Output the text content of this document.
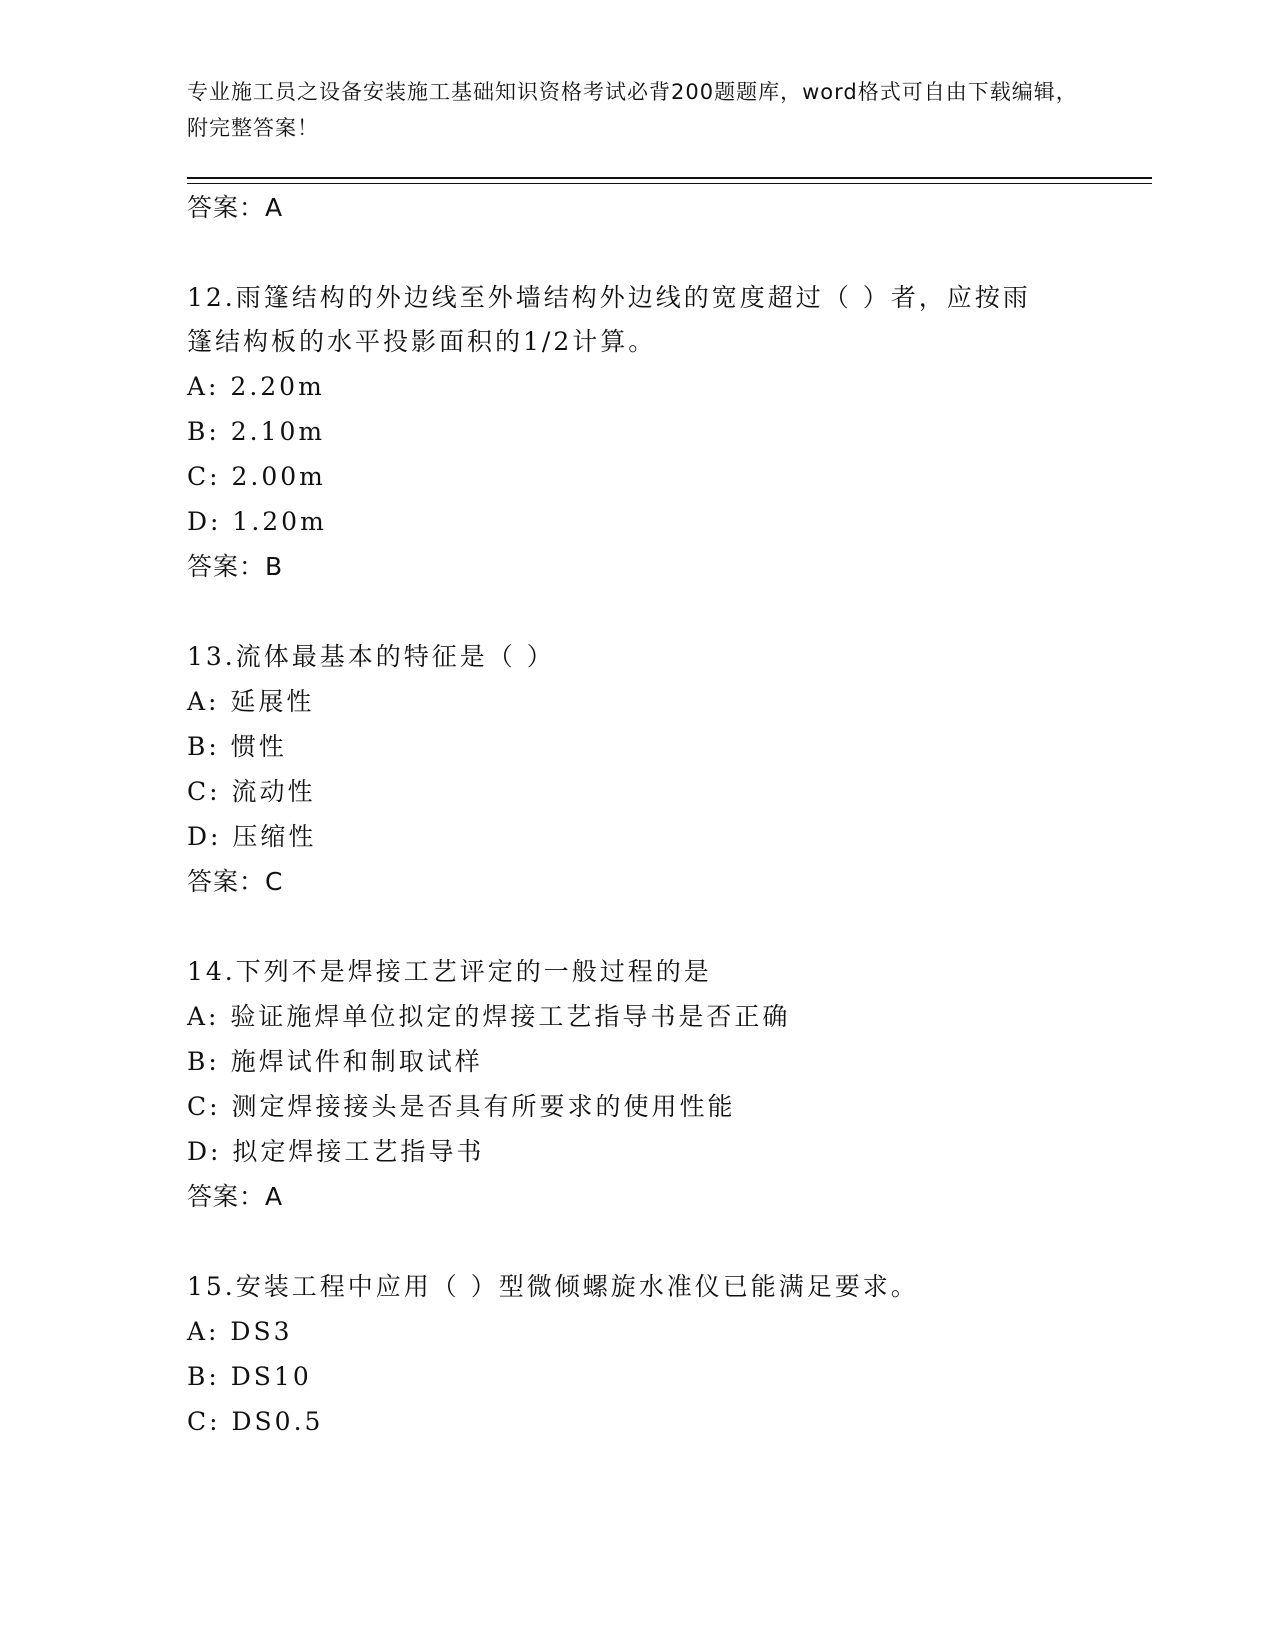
专业施工员之设备安装施工基础知识资格考试必背200题题库，word格式可自由下载编辑，附完整答案！
答案：A
12.雨篷结构的外边线至外墙结构外边线的宽度超过（ ）者，应按雨
篷结构板的水平投影面积的1/2计算。
A: 2.20m
B: 2.10m
C: 2.00m
D: 1.20m
答案：B
13.流体最基本的特征是（ ）
A: 延展性
B: 惯性
C: 流动性
D: 压缩性
答案：C
14.下列不是焊接工艺评定的一般过程的是
A: 验证施焊单位拟定的焊接工艺指导书是否正确
B: 施焊试件和制取试样
C: 测定焊接接头是否具有所要求的使用性能
D: 拟定焊接工艺指导书
答案：A
15.安装工程中应用（ ）型微倾螺旋水准仪已能满足要求。
A: DS3
B: DS10
C: DS0.5
